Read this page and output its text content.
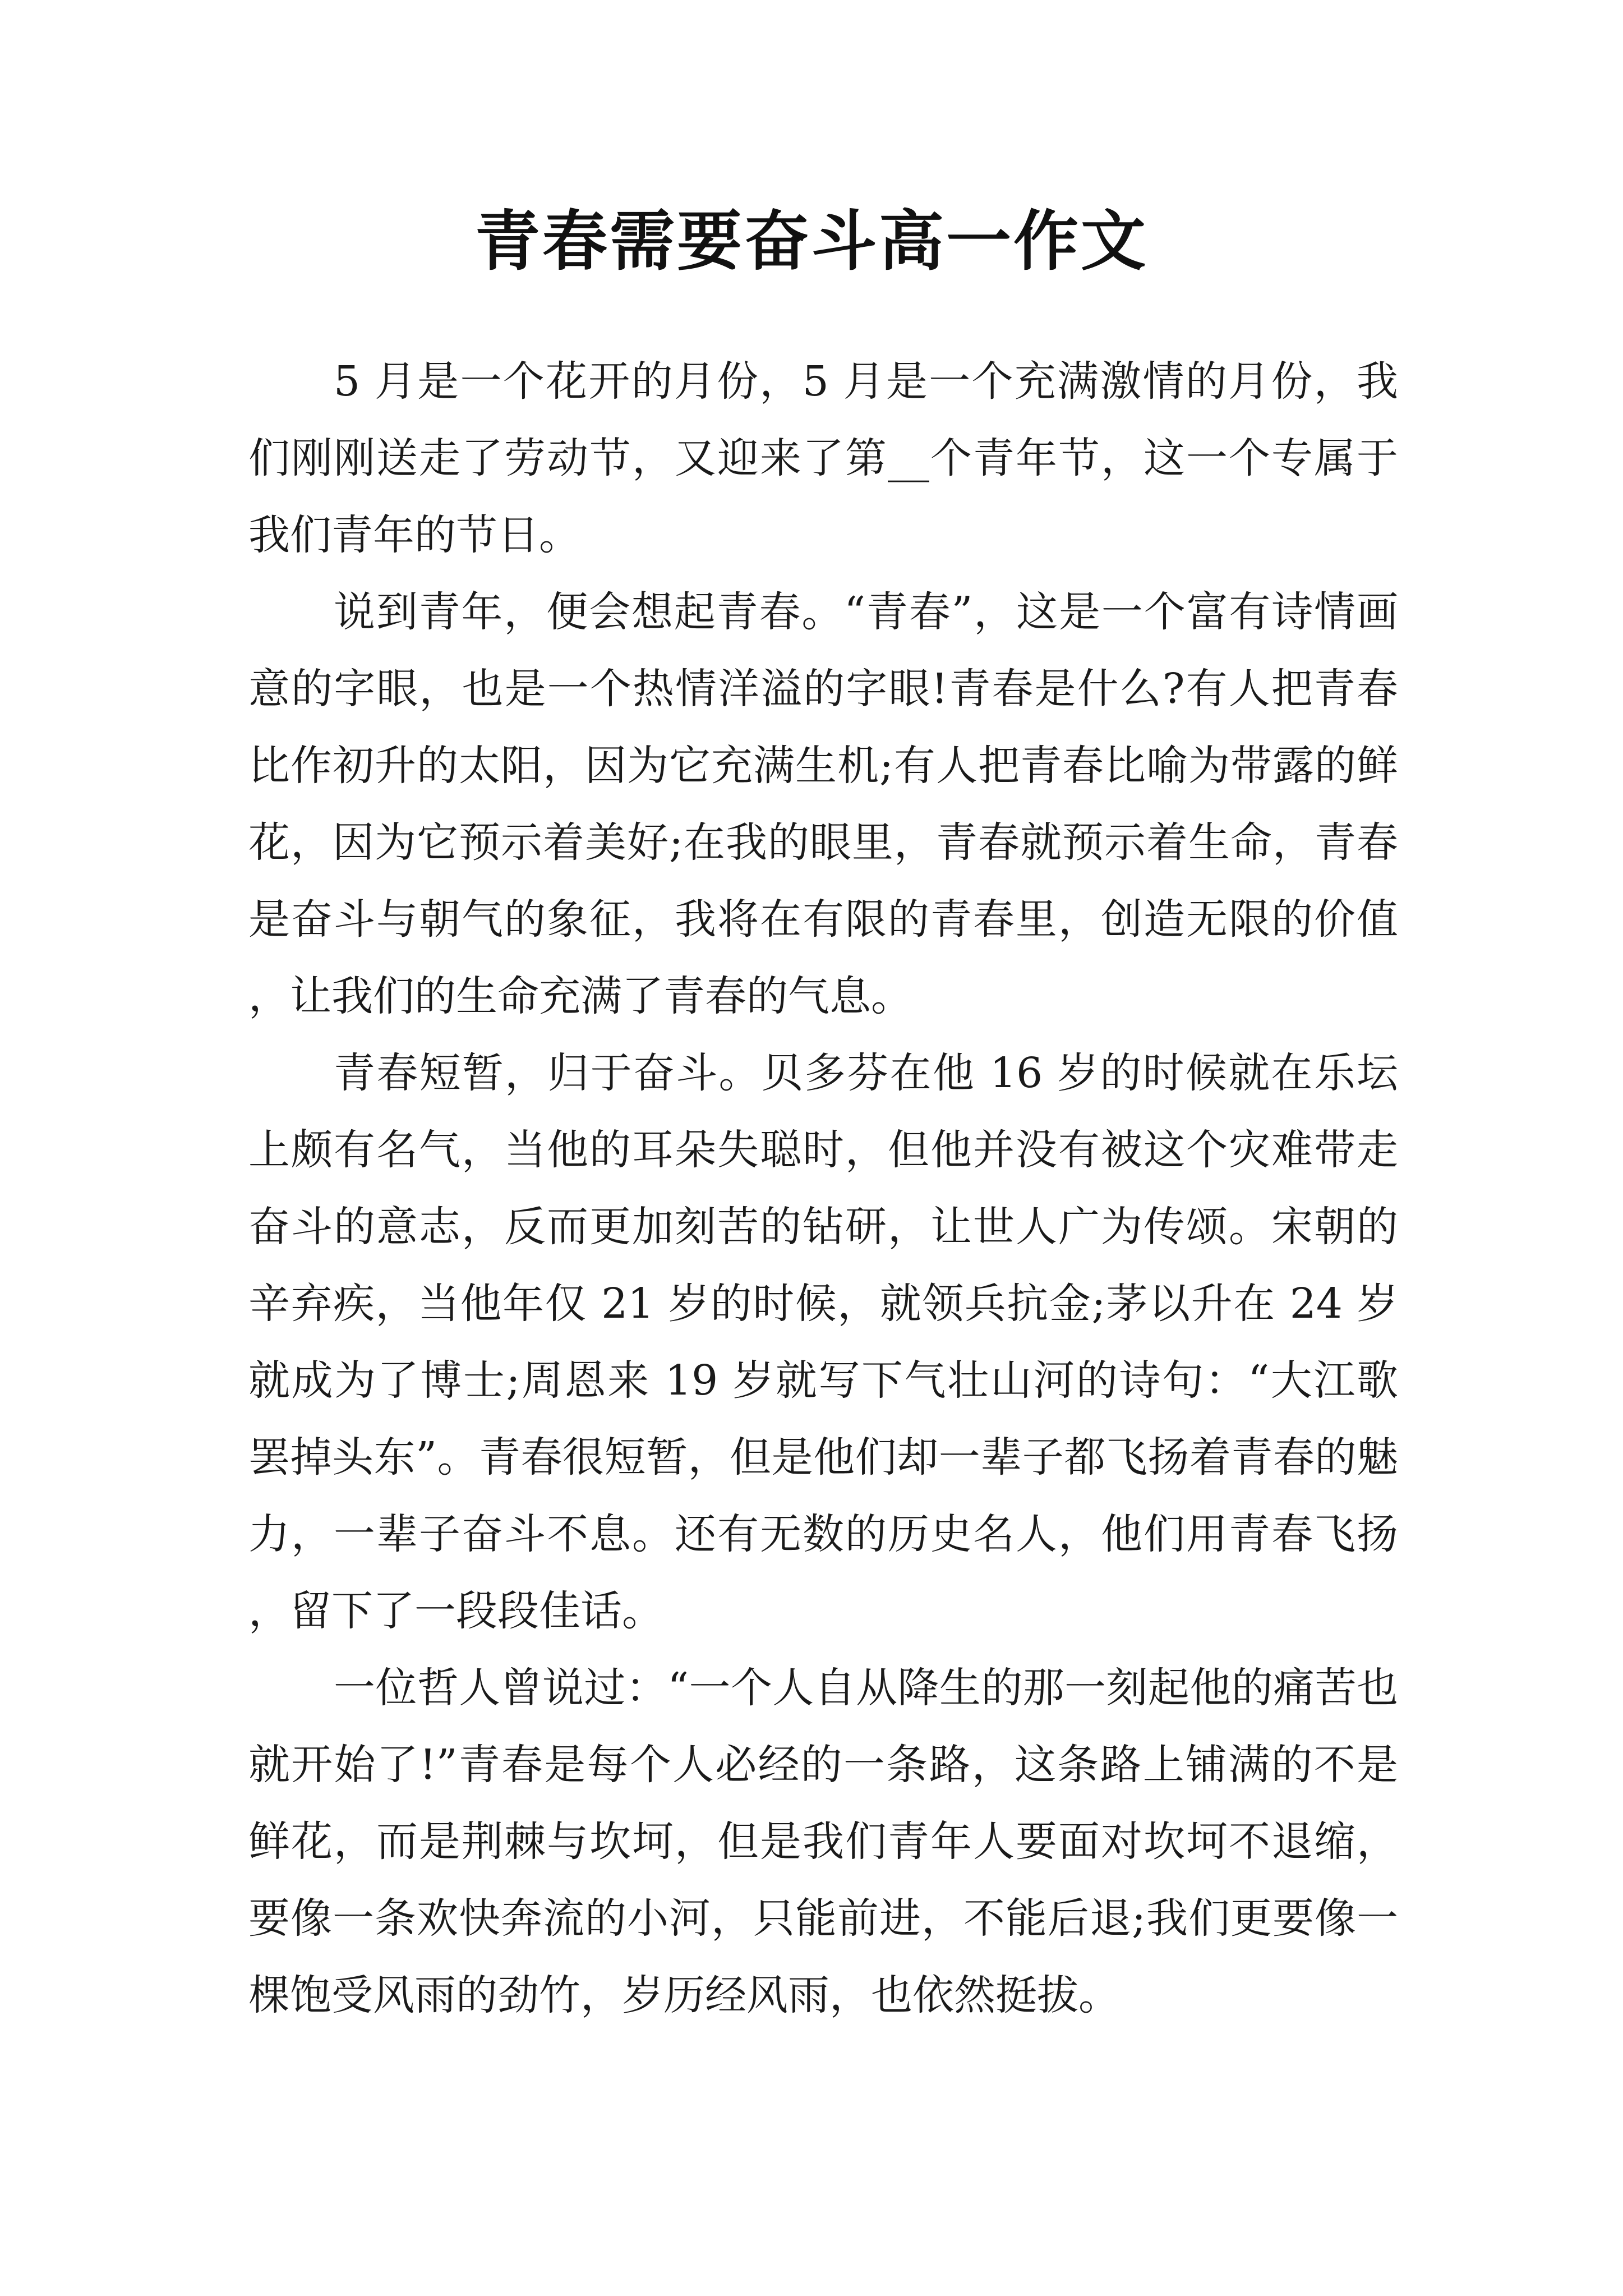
青春需要奋斗高一作文

5 月是一个花开的月份，5 月是一个充满激情的月份，我们刚刚送走了劳动节，又迎来了第__个青年节，这一个专属于我们青年的节日。

说到青年，便会想起青春。“青春”，这是一个富有诗情画意的字眼，也是一个热情洋溢的字眼!青春是什么?有人把青春比作初升的太阳，因为它充满生机;有人把青春比喻为带露的鲜花，因为它预示着美好;在我的眼里，青春就预示着生命，青春是奋斗与朝气的象征，我将在有限的青春里，创造无限的价值，让我们的生命充满了青春的气息。

青春短暂，归于奋斗。贝多芬在他 16 岁的时候就在乐坛上颇有名气，当他的耳朵失聪时，但他并没有被这个灾难带走奋斗的意志，反而更加刻苦的钻研，让世人广为传颂。宋朝的辛弃疾，当他年仅 21 岁的时候，就领兵抗金;茅以升在 24 岁就成为了博士;周恩来 19 岁就写下气壮山河的诗句：“大江歌罢掉头东”。青春很短暂，但是他们却一辈子都飞扬着青春的魅力，一辈子奋斗不息。还有无数的历史名人，他们用青春飞扬，留下了一段段佳话。

一位哲人曾说过：“一个人自从降生的那一刻起他的痛苦也就开始了!”青春是每个人必经的一条路，这条路上铺满的不是鲜花，而是荆棘与坎坷，但是我们青年人要面对坎坷不退缩，要像一条欢快奔流的小河，只能前进，不能后退;我们更要像一棵饱受风雨的劲竹，岁历经风雨，也依然挺拔。
